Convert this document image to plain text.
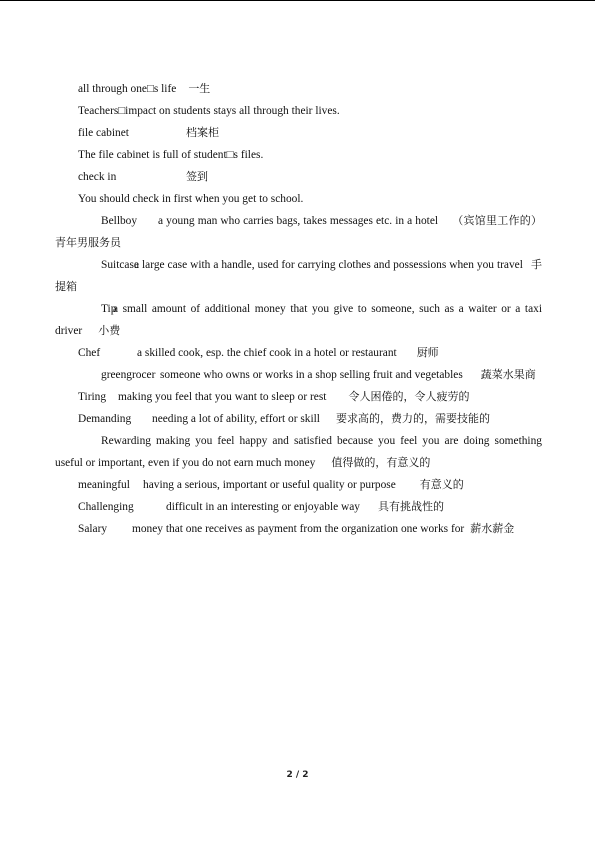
all through one□s life 一生
Teachers□impact on students stays all through their lives.
file cabinet	档案柜
The file cabinet is full of student□s files.
check in	签到
You should check in first when you get to school.
Bellboy a young man who carries bags, takes messages etc. in a hotel （宾馆里工作的）青年男服务员
Suitcasea large case with a handle, used for carrying clothes and possessions when you travel 手提箱
Tipa small amount of additional money that you give to someone, such as a waiter or a taxi driver 小费
Chef	a skilled cook, esp. the chief cook in a hotel or restaurant 厨师
greengrocer someone who owns or works in a shop selling fruit and vegetables 蔬菜水果商
Tiring making you feel that you want to sleep or rest 令人困倦的，令人疲劳的
Demanding needing a lot of ability, effort or skill 要求高的，费力的，需要技能的
Rewarding making you feel happy and satisfied because you feel you are doing something useful or important, even if you do not earn much money 值得做的，有意义的
meaningful having a serious, important or useful quality or purpose 有意义的
Challenging	difficult in an interesting or enjoyable way 具有挑战性的
Salary money that one receives as payment from the organization one works for 薪水薪金
2 / 2
